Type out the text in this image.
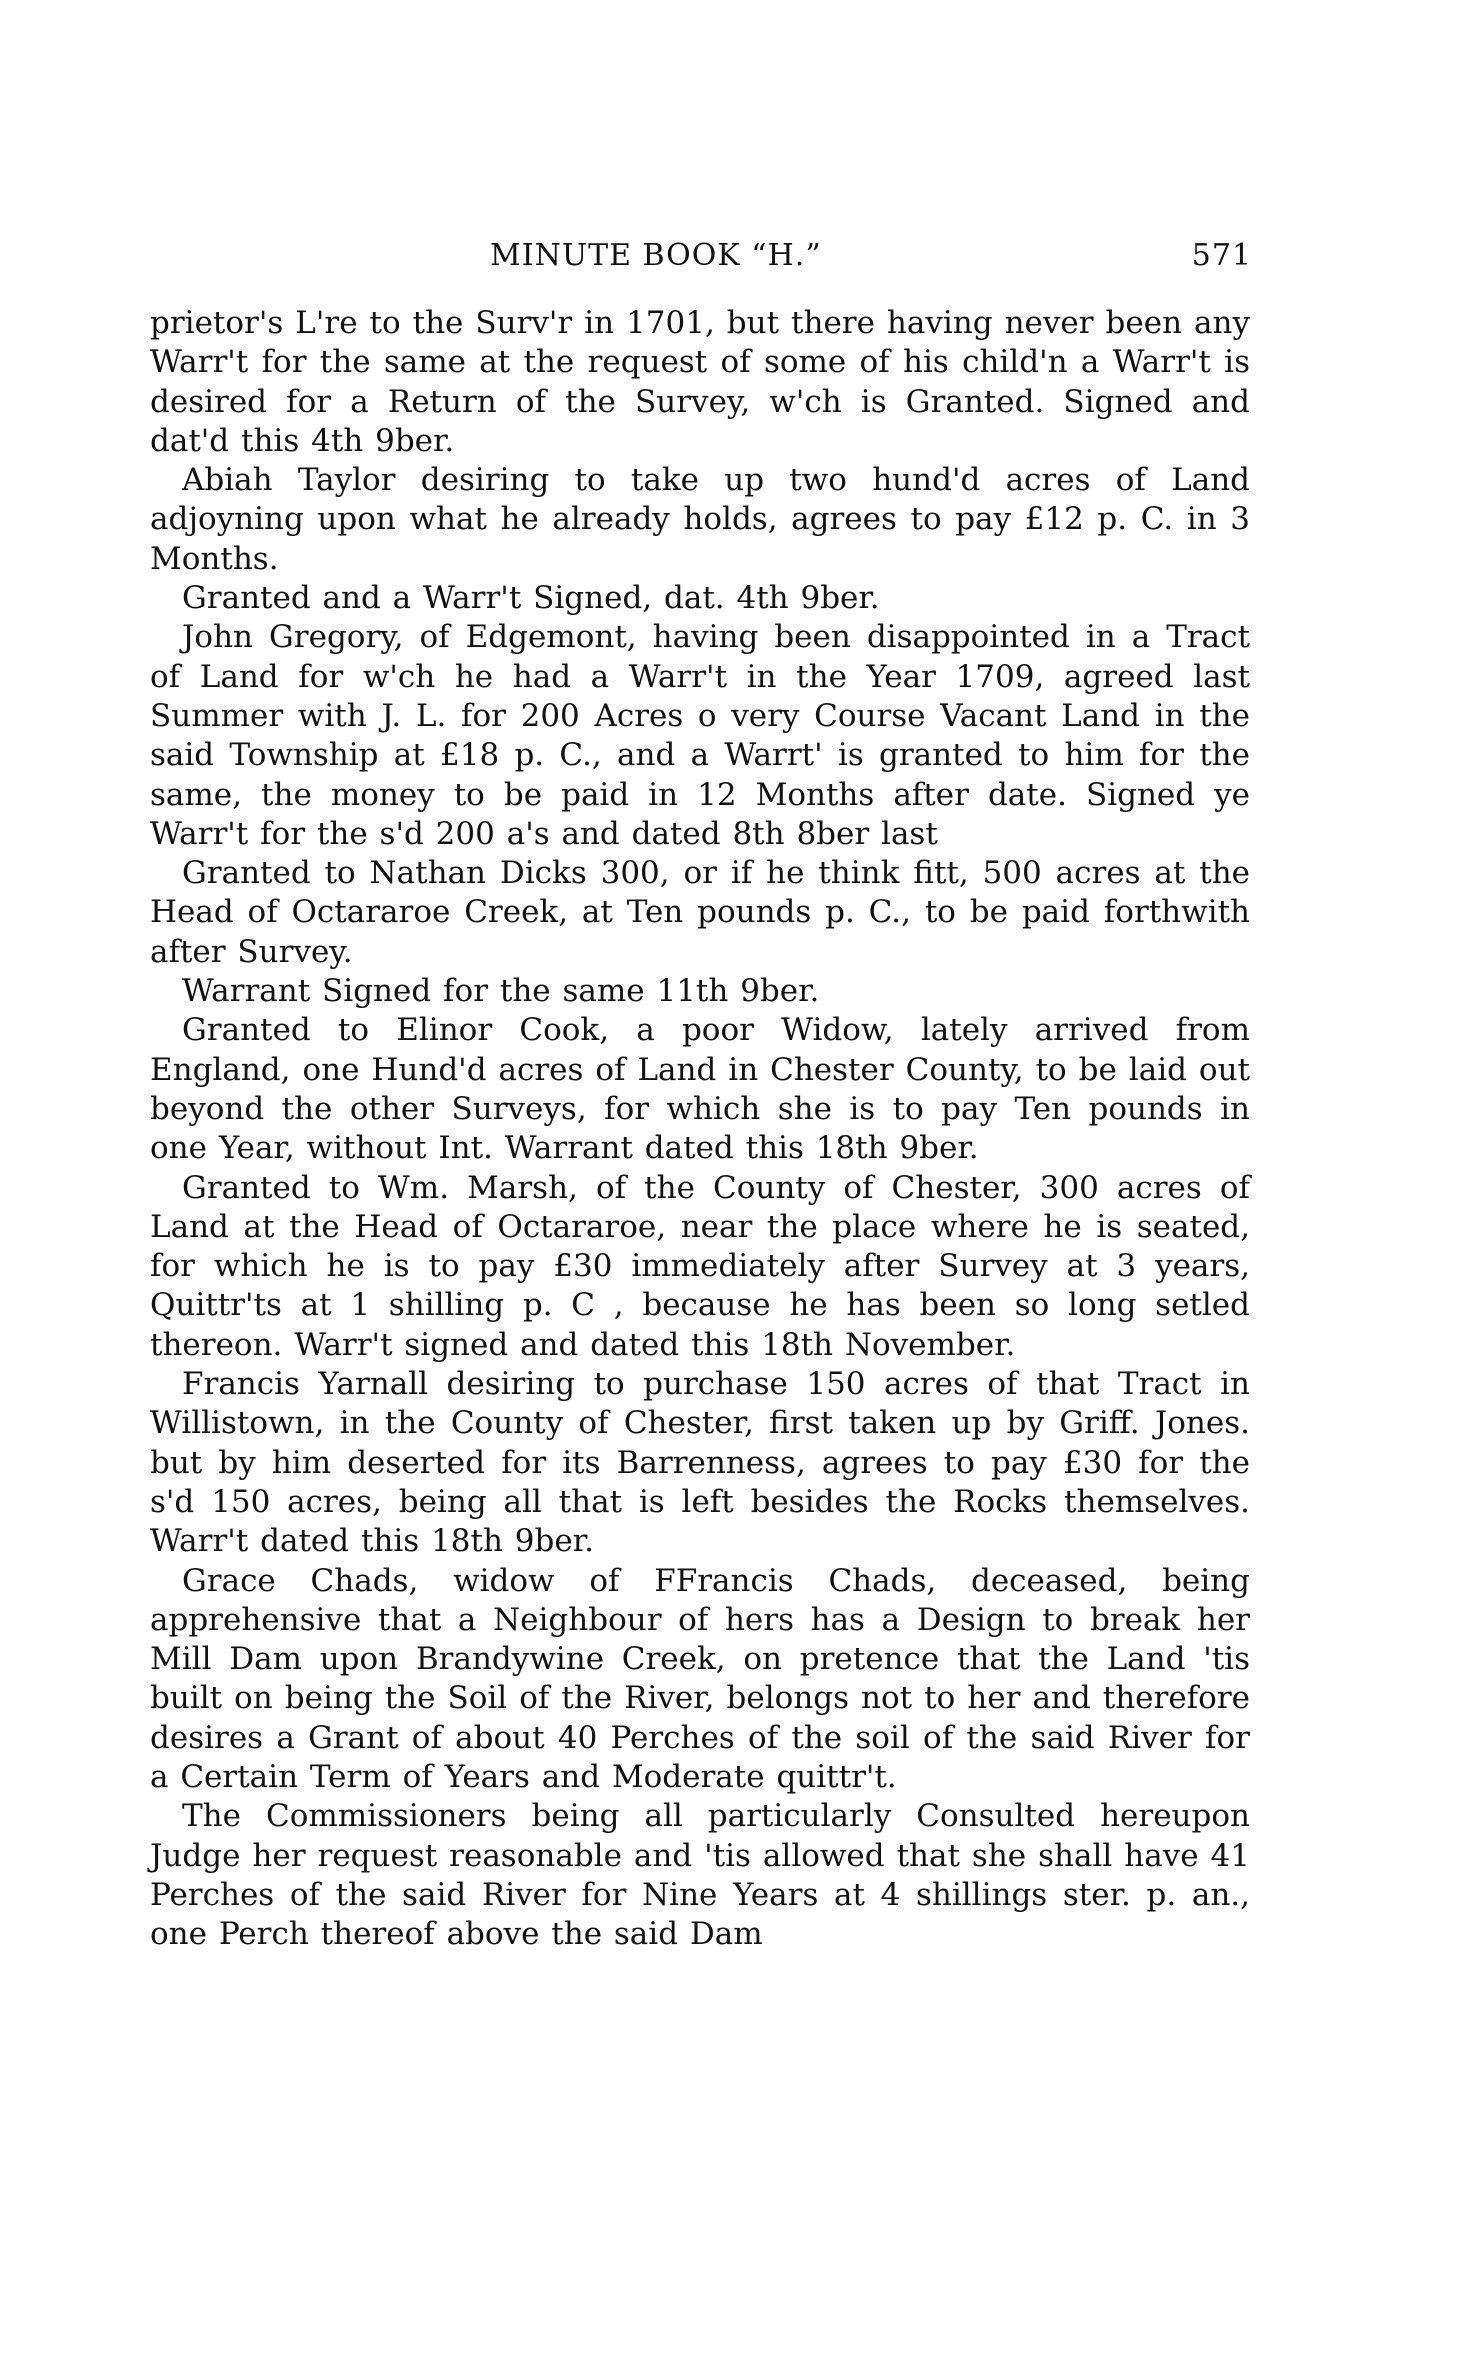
MINUTE BOOK “H.”	571

prietor's L're to the Surv'r in 1701, but there having never been any Warr't for the same at the request of some of his child'n a Warr't is desired for a Return of the Survey, w'ch is Granted. Signed and dat'd this 4th 9ber.

Abiah Taylor desiring to take up two hund'd acres of Land adjoyning upon what he already holds, agrees to pay £12 p. C. in 3 Months.

Granted and a Warr't Signed, dat. 4th 9ber.

John Gregory, of Edgemont, having been disappointed in a Tract of Land for w'ch he had a Warr't in the Year 1709, agreed last Summer with J. L. for 200 Acres o very Course Vacant Land in the said Township at £18 p. C., and a Warrt' is granted to him for the same, the money to be paid in 12 Months after date. Signed ye Warr't for the s'd 200 a's and dated 8th 8ber last

Granted to Nathan Dicks 300, or if he think fitt, 500 acres at the Head of Octararoe Creek, at Ten pounds p. C., to be paid forthwith after Survey.

Warrant Signed for the same 11th 9ber.

Granted to Elinor Cook, a poor Widow, lately arrived from England, one Hund'd acres of Land in Chester County, to be laid out beyond the other Surveys, for which she is to pay Ten pounds in one Year, without Int. Warrant dated this 18th 9ber.

Granted to Wm. Marsh, of the County of Chester, 300 acres of Land at the Head of Octararoe, near the place where he is seated, for which he is to pay £30 immediately after Survey at 3 years, Quittr'ts at 1 shilling p. C , because he has been so long setled thereon. Warr't signed and dated this 18th November.

Francis Yarnall desiring to purchase 150 acres of that Tract in Willistown, in the County of Chester, first taken up by Griff. Jones. but by him deserted for its Barrenness, agrees to pay £30 for the s'd 150 acres, being all that is left besides the Rocks themselves. Warr't dated this 18th 9ber.

Grace Chads, widow of FFrancis Chads, deceased, being apprehensive that a Neighbour of hers has a Design to break her Mill Dam upon Brandywine Creek, on pretence that the Land 'tis built on being the Soil of the River, belongs not to her and therefore desires a Grant of about 40 Perches of the soil of the said River for a Certain Term of Years and Moderate quittr't.

The Commissioners being all particularly Consulted hereupon Judge her request reasonable and 'tis allowed that she shall have 41 Perches of the said River for Nine Years at 4 shillings ster. p. an., one Perch thereof above the said Dam
